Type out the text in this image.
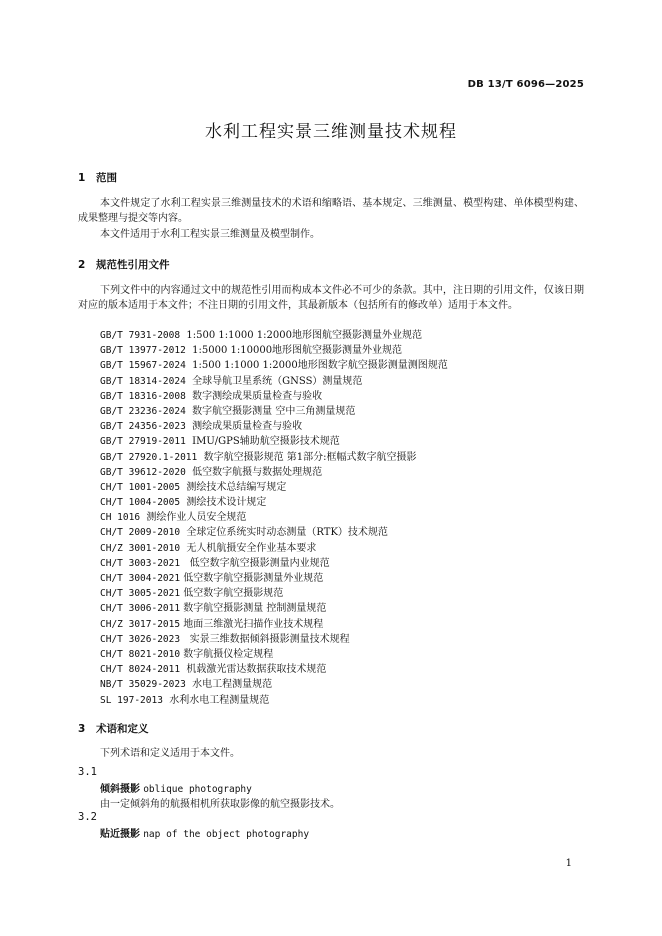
DB 13/T 6096—2025
水利工程实景三维测量技术规程
1 范围
本文件规定了水利工程实景三维测量技术的术语和缩略语、基本规定、三维测量、模型构建、单体模型构建、成果整理与提交等内容。
本文件适用于水利工程实景三维测量及模型制作。
2 规范性引用文件
下列文件中的内容通过文中的规范性引用而构成本文件必不可少的条款。其中，注日期的引用文件，仅该日期对应的版本适用于本文件；不注日期的引用文件，其最新版本（包括所有的修改单）适用于本文件。
GB/T 7931-2008  1:500 1:1000 1:2000地形图航空摄影测量外业规范
GB/T 13977-2012  1:5000 1:10000地形图航空摄影测量外业规范
GB/T 15967-2024  1:500 1:1000 1:2000地形图数字航空摄影测量测图规范
GB/T 18314-2024  全球导航卫星系统（GNSS）测量规范
GB/T 18316-2008  数字测绘成果质量检查与验收
GB/T 23236-2024  数字航空摄影测量 空中三角测量规范
GB/T 24356-2023  测绘成果质量检查与验收
GB/T 27919-2011  IMU/GPS辅助航空摄影技术规范
GB/T 27920.1-2011  数字航空摄影规范 第1部分:框幅式数字航空摄影
GB/T 39612-2020  低空数字航摄与数据处理规范
CH/T 1001-2005  测绘技术总结编写规定
CH/T 1004-2005  测绘技术设计规定
CH 1016  测绘作业人员安全规范
CH/T 2009-2010  全球定位系统实时动态测量（RTK）技术规范
CH/Z 3001-2010  无人机航摄安全作业基本要求
CH/T 3003-2021   低空数字航空摄影测量内业规范
CH/T 3004-2021 低空数字航空摄影测量外业规范
CH/T 3005-2021 低空数字航空摄影规范
CH/T 3006-2011 数字航空摄影测量 控制测量规范
CH/Z 3017-2015 地面三维激光扫描作业技术规程
CH/T 3026-2023   实景三维数据倾斜摄影测量技术规程
CH/T 8021-2010 数字航摄仪检定规程
CH/T 8024-2011  机载激光雷达数据获取技术规范
NB/T 35029-2023  水电工程测量规范
SL 197-2013  水利水电工程测量规范
3 术语和定义
下列术语和定义适用于本文件。
3.1
倾斜摄影 oblique photography
由一定倾斜角的航摄相机所获取影像的航空摄影技术。
3.2
贴近摄影 nap of the object photography
1
